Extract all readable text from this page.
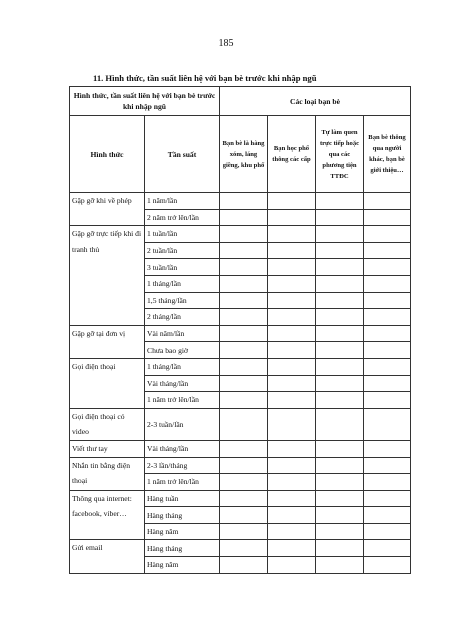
185
11. Hình thức, tần suất liên hệ với bạn bè trước khi nhập ngũ
Hình thức, tần suất liên hệ với bạn bè trước khi nhập ngũ		Các loại bạn bè			
Hình thức	Tần suất	Bạn bè là hàng xóm, láng giềng, khu phố	Bạn học phổ thông các cấp	Tự làm quen trực tiếp hoặc qua các phương tiện TTĐC	Bạn bè thông qua người khác, bạn bè giới thiệu…
Gặp gỡ khi về phép	1 năm/lần				
	2 năm trở lên/lần				
Gặp gỡ trực tiếp khi đi tranh thủ	1 tuần/lần				
	2 tuần/lần				
	3 tuần/lần				
	1 tháng/lần				
	1,5 tháng/lần				
	2 tháng/lần				
Gặp gỡ tại đơn vị	Vài năm/lần				
	Chưa bao giờ				
Gọi điện thoại	1 tháng/lần				
	Vài tháng/lần				
	1 năm trở lên/lần				
Gọi điện thoại có video	2-3 tuần/lần				
Viết thư tay	Vài tháng/lần				
Nhắn tin bằng điện thoại	2-3 lần/tháng				
	1 năm trở lên/lần				
Thông qua internet: facebook, viber…	Hàng tuần				
	Hàng tháng				
	Hàng năm				
Gửi email	Hàng tháng				
	Hàng năm				
